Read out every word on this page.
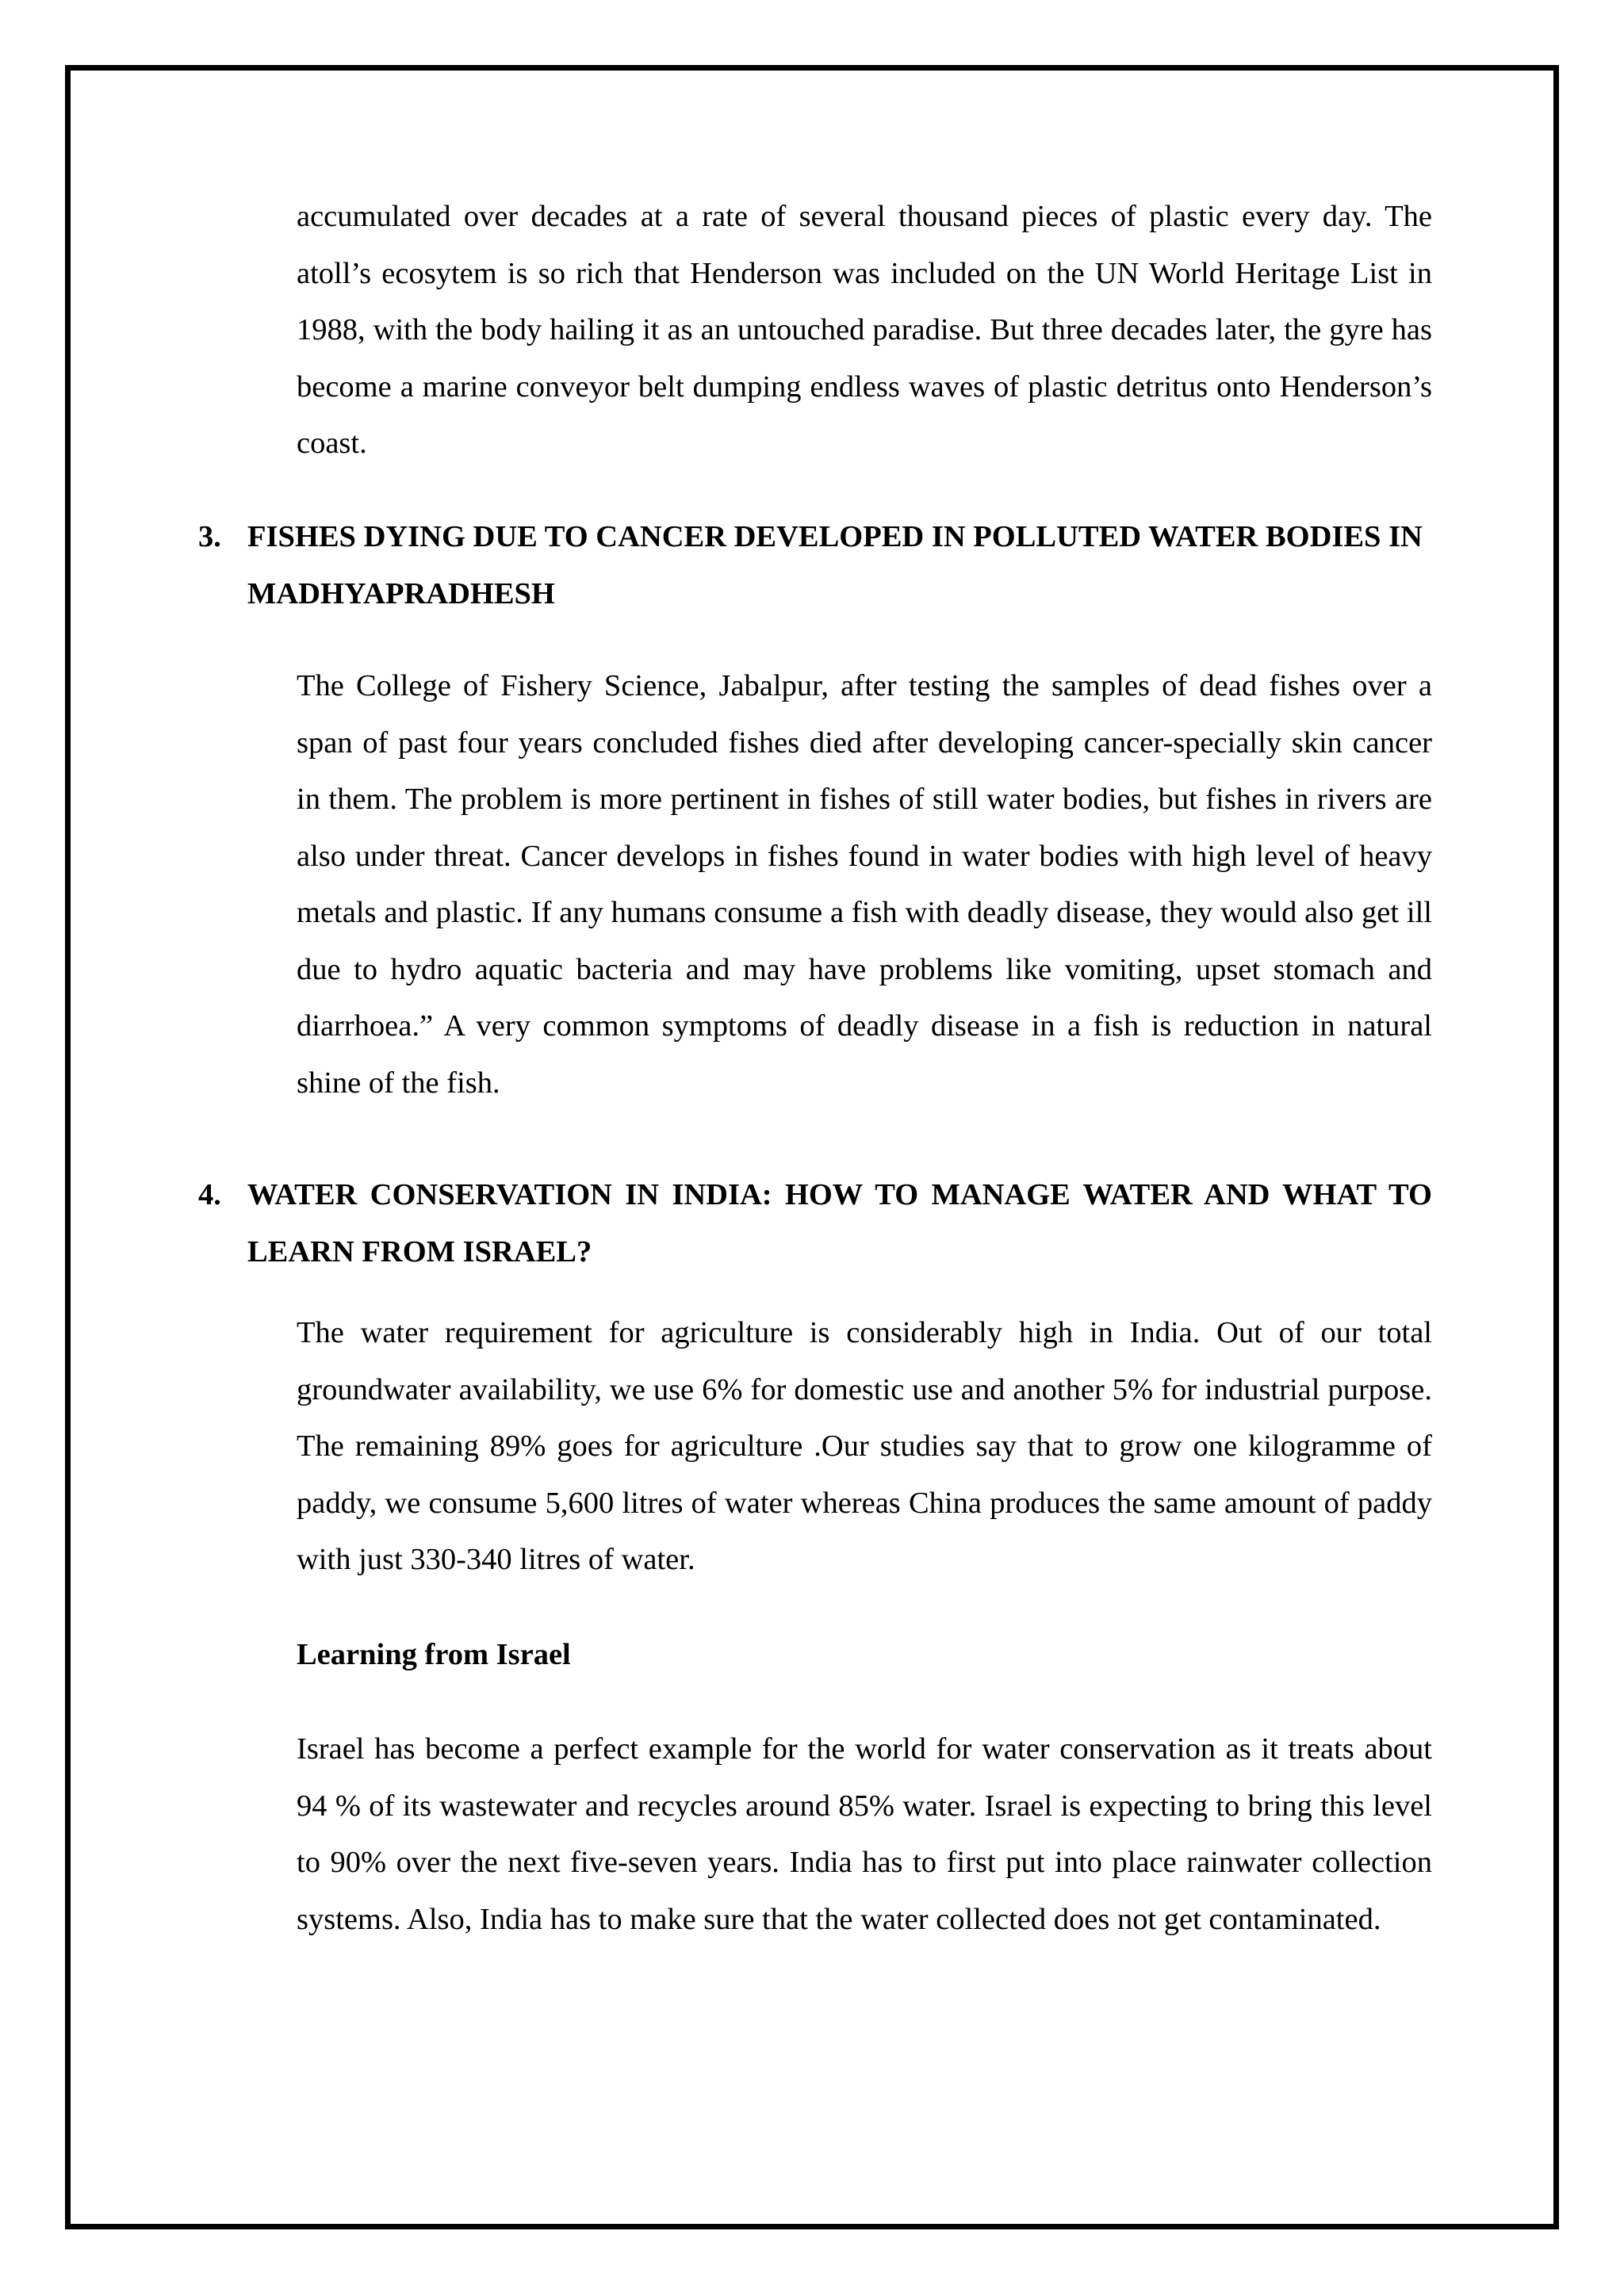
accumulated over decades at a rate of several thousand pieces of plastic every day. The atoll’s ecosytem is so rich that Henderson was included on the UN World Heritage List in 1988, with the body hailing it as an untouched paradise. But three decades later, the gyre has become a marine conveyor belt dumping endless waves of plastic detritus onto Henderson’s coast.

3. FISHES DYING DUE TO CANCER DEVELOPED IN POLLUTED WATER BODIES IN MADHYAPRADHESH

The College of Fishery Science, Jabalpur, after testing the samples of dead fishes over a span of past four years concluded fishes died after developing cancer-specially skin cancer in them. The problem is more pertinent in fishes of still water bodies, but fishes in rivers are also under threat. Cancer develops in fishes found in water bodies with high level of heavy metals and plastic. If any humans consume a fish with deadly disease, they would also get ill due to hydro aquatic bacteria and may have problems like vomiting, upset stomach and diarrhoea.” A very common symptoms of deadly disease in a fish is reduction in natural shine of the fish.

4. WATER CONSERVATION IN INDIA: HOW TO MANAGE WATER AND WHAT TO LEARN FROM ISRAEL?

The water requirement for agriculture is considerably high in India. Out of our total groundwater availability, we use 6% for domestic use and another 5% for industrial purpose. The remaining 89% goes for agriculture .Our studies say that to grow one kilogramme of paddy, we consume 5,600 litres of water whereas China produces the same amount of paddy with just 330-340 litres of water.

Learning from Israel

Israel has become a perfect example for the world for water conservation as it treats about 94 % of its wastewater and recycles around 85% water. Israel is expecting to bring this level to 90% over the next five-seven years. India has to first put into place rainwater collection systems. Also, India has to make sure that the water collected does not get contaminated.
